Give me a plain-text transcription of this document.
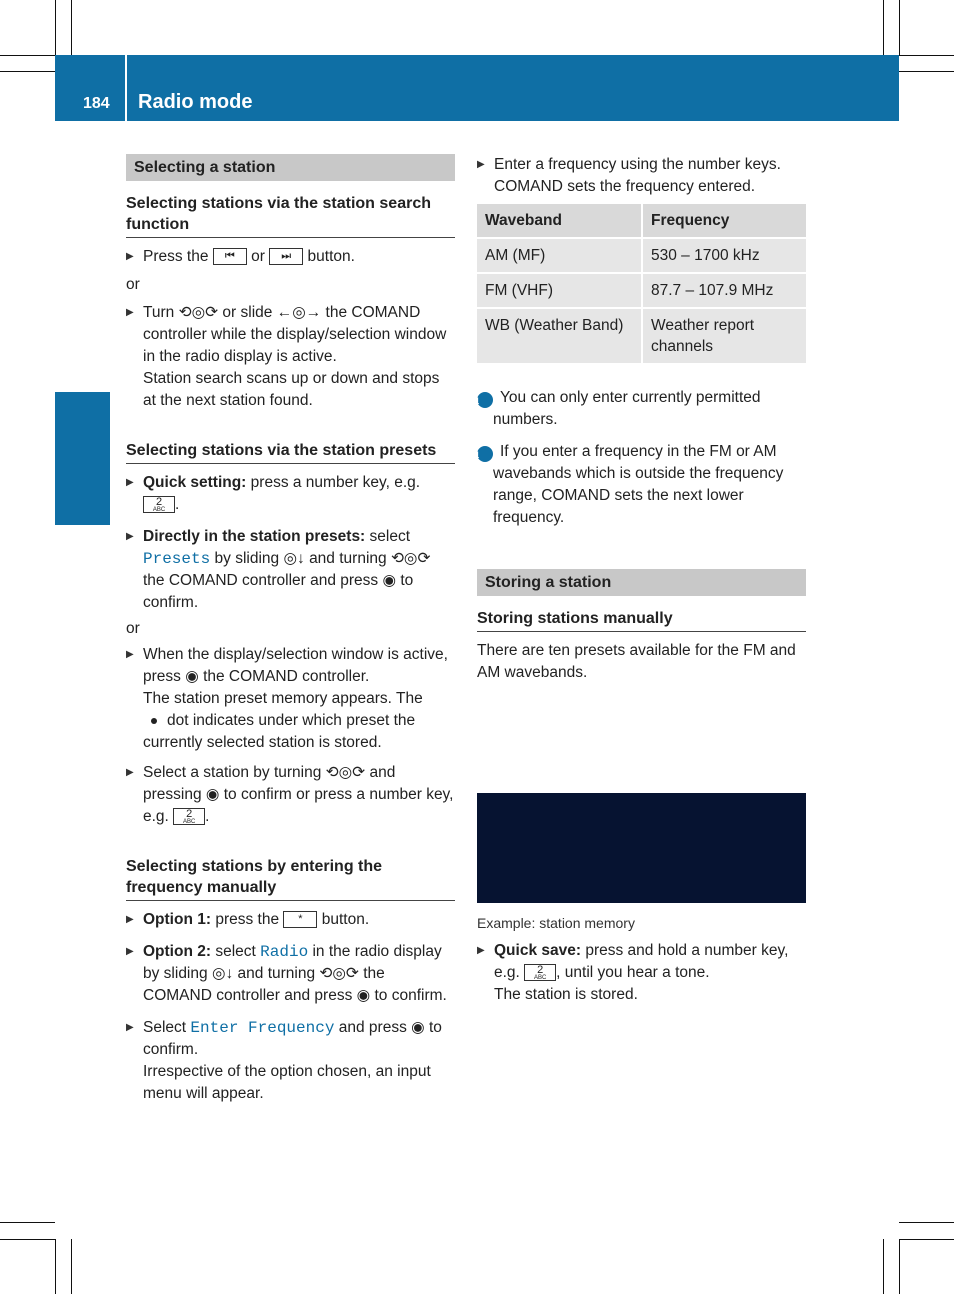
184 Radio mode
Selecting a station
Selecting stations via the station search function
▶ Press the ⏮ or ⏭ button.

or

▶ Turn ⟲◎⟳ or slide ←◎→ the COMAND controller while the display/selection window in the radio display is active.
Station search scans up or down and stops at the next station found.
Selecting stations via the station presets
▶ Quick setting: press a number key, e.g. 2
ABC .
▶ Directly in the station presets: select Presets by sliding ◎↓ and turning ⟲◎⟳ the COMAND controller and press ◉ to confirm.

or

▶ When the display/selection window is active, press ◉ the COMAND controller.
The station preset memory appears. The
dot indicates under which preset the currently selected station is stored.
▶ Select a station by turning ⟲◎⟳ and pressing ◉ to confirm or press a number key, e.g. 2
ABC .
Selecting stations by entering the frequency manually
▶ Option 1: press the * button.
▶ Option 2: select Radio in the radio display by sliding ◎↓ and turning ⟲◎⟳ the COMAND controller and press ◉ to confirm.
▶ Select Enter Frequency and press ◉ to confirm.
Irrespective of the option chosen, an input menu will appear.
▶ Enter a frequency using the number keys.
COMAND sets the frequency entered.
Waveband	Frequency
AM (MF)	530 – 1700 kHz
FM (VHF)	87.7 – 107.9 MHz
WB (Weather Band)	Weather report channels

i You can only enter currently permitted numbers.

i If you enter a frequency in the FM or AM wavebands which is outside the frequency range, COMAND sets the next lower frequency.

Storing a station
Storing stations manually

There are ten presets available for the FM and AM wavebands.

Example: station memory

▶ Quick save: press and hold a number key, e.g. 2
ABC , until you hear a tone.
The station is stored.
